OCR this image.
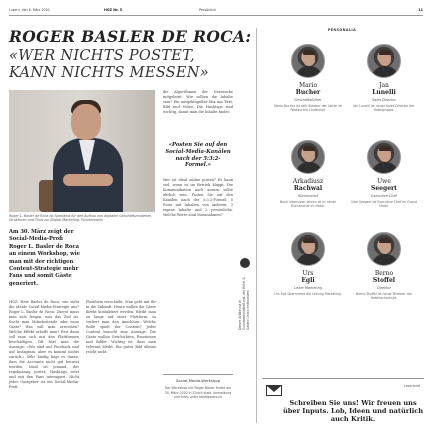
Luzern, den 6. März 2020	HGZ Nr. 5	Persönlich	11
ROGER BASLER DE ROCA:
«WER NICHTS POSTET,
KANN NICHTS MESSEN»
Roger L. Basler de Roca ist Spezialist für den Aufbau von digitalen Geschäftsmodellen, Strukturen und Tools zur Digital-Marketing. Punkteteams
Am 30. März zeigt der Social-Media-Profi Roger L. Basler de Roca an einem Workshop, wie man mit der richtigen Content-Strategie mehr Fans und somit Gäste generiert.
HGZ: Herr Basler de Roca, wie sieht die ideale Social-Media-Strategie aus? Roger L. Basler de Roca: Zuerst muss man sich fragen, was das Ziel ist. Sucht man Mitarbeitende oder neue Gäste? Was will man erreichen? Welche Effekt erhofft man? Erst dann soll man sich mit den Plattformen beschäftigen. Oft hört man die Aussage: «Wir sind auf Facebook und auf Instagram, aber es kommt nichts zurück.» Sehr häufig liegt es daran, dass die Accounts nicht gut betreut werden. Ideal ist jemand, der regelmässig postet, Hashtags setzt und mit den Fans interagiert. Nicht jeder Gastgeber ist ein Social-Media-Profi.
Plattform verschiebt. Man geht mit ihr in die Zukunft. Heute wollen die Gäste direkt kontaktiert werden. Bleibt man zu lange auf einer Plattform, so verliert man den Anschluss. Welche Rolle spielt der Content? Jeder Content braucht eine Aussage. Die Gäste wollen Geschichten, Emotionen und Bilder. Wichtig ist, dass man relevant bleibt. Ein gutes Bild alleine reicht nicht.
die Algorithmen der Netzwerke mitgelernt. Wie sollten die Inhalte sein? Ein ausgeklügelter Mix aus Text, Bild und Video. Die Hashtags sind wichtig, damit man die Inhalte findet.
«Posten Sie auf den Social-Media-Kanälen nach der 5:3:2-Formel.»
Wer ist ideal online posten? Es kann viel, wenn es im Betrieb klappt. Die Kommunikation nach aussen sollte ehrlich sein. Posten Sie auf den Kanälen nach der 5:3:2-Formel: 5 Posts mit Inhalten von anderen, 3 eigene Inhalte und 2 persönliche. Welche Werte sind Massnahmen?
Social-Media-Workshop
Der Workshop mit Roger Basler findet am 30. März 2020 in Zürich statt. Anmeldung und Infos unter hotelgastro.ch
Dieser Artikel ist in Zusammenarbeit mit der Hotel & Gastro Union entstanden
PERSONALIA
Mario
Bucher
Geschäftsführer
Mario Bucher ist seit Oktober der Leiter im Restaurant Lindenhof.
Jan
Lunelli
Sales Director
Jan Lunelli ist neuer Sales Director der Hotelgruppe.
Arkadiusz
Rachwal
Küchenchef
Nach intensiven Jahren ist er neuer Küchenchef im Hotel.
Uwe
Seegert
Executive Chef
Uwe Seegert ist Executive Chef im Grand Hotel.
Urs
Egli
Leiter Marketing
Urs Egli übernimmt die Leitung Marketing.
Berno
Stoffel
Direktor
Berno Stoffel ist neuer Direktor der Hotelfachschule.
Leserbrief
Schreiben Sie uns! Wir freuen uns über Inputs. Lob, Ideen und natürlich auch Kritik.
